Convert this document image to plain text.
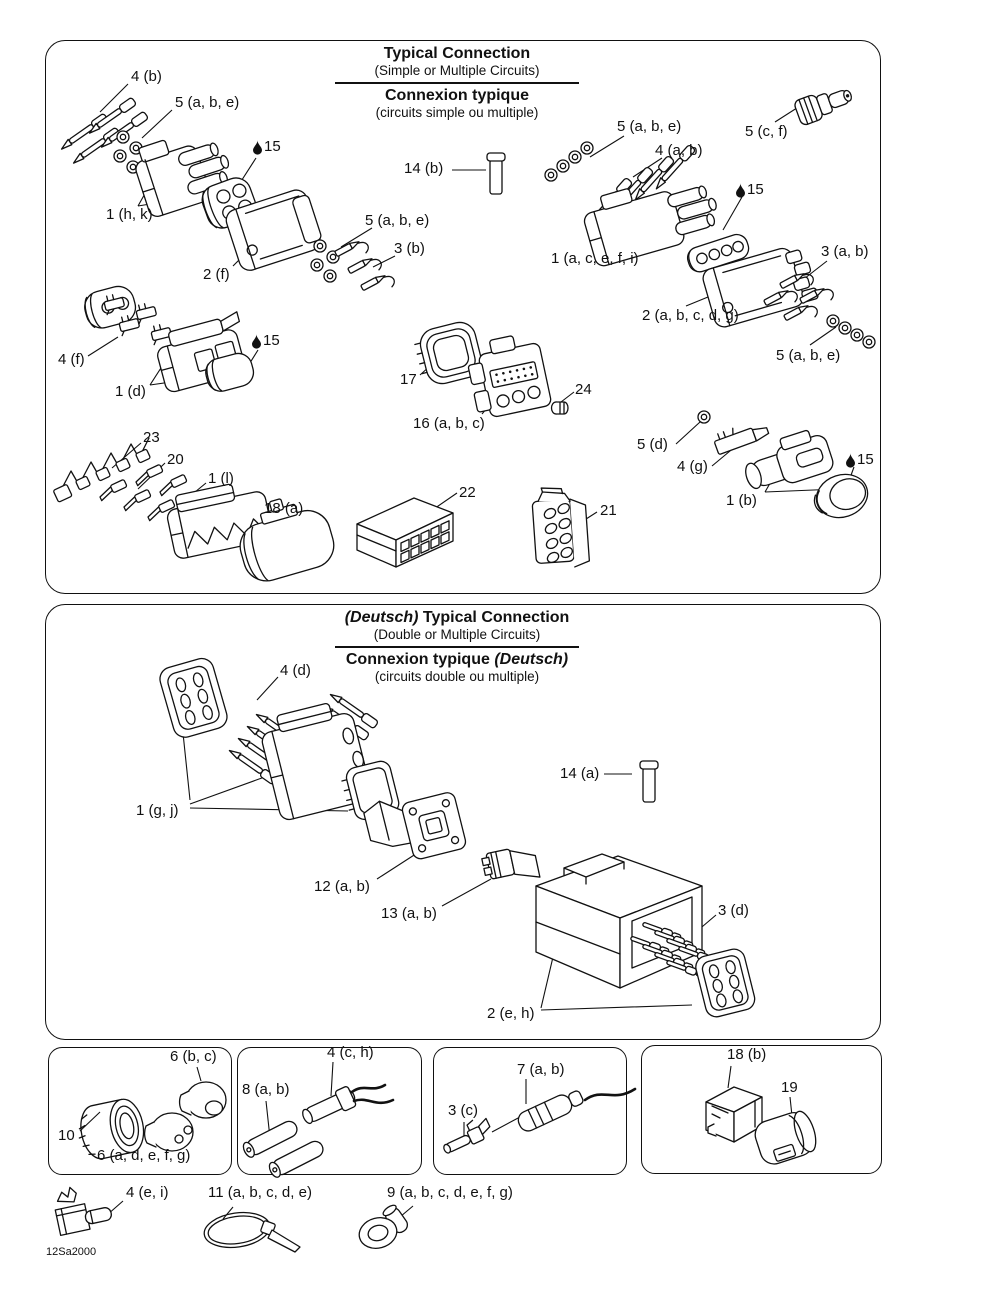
Typical Connection
(Simple or Multiple Circuits)
Connexion typique
(circuits simple ou multiple)
(Deutsch) Typical Connection
(Double or Multiple Circuits)
Connexion typique (Deutsch)
(circuits double ou multiple)
4 (b)
5 (a, b, e)
1 (h, k)
15
2 (f)
14 (b)
5 (a, b, e)
3 (b)
5 (a, b, e)
4 (a, b)
5 (c, f)
15
1 (a, c, e, f, i)
2 (a, b, c, d, g)
3 (a, b)
5 (a, b, e)
4 (f)
1 (d)
15
17
16 (a, b, c)
24
23
20
1 (l)
18 (a)
22
21
5 (d)
4 (g)
1 (b)
15
4 (d)
1 (g, j)
14 (a)
12 (a, b)
13 (a, b)	3 (d)
2 (e, h)
6 (b, c)
10
6 (a, d, e, f, g)
8 (a, b)
4 (c, h)
3 (c)
7 (a, b)
18 (b)
19
4 (e, i)	11 (a, b, c, d, e)	9 (a, b, c, d, e, f, g)
12Sa2000
